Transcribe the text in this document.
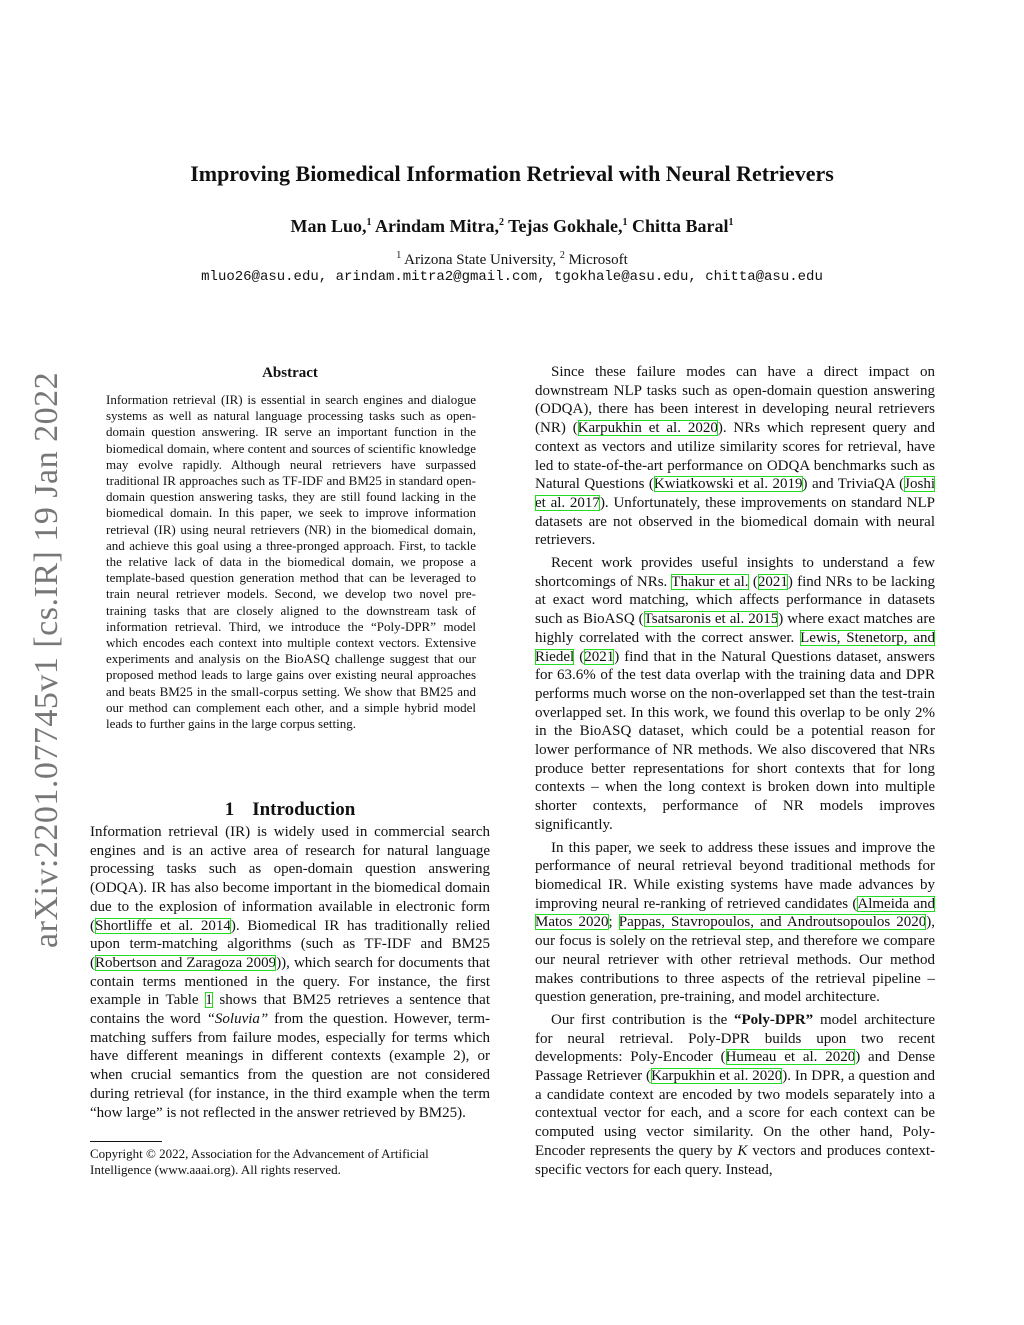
Improving Biomedical Information Retrieval with Neural Retrievers
Man Luo,$^1$ Arindam Mitra,$^2$ Tejas Gokhale,$^1$ Chitta Baral$^1$
$^1$ Arizona State University, $^2$ Microsoft
mluo26@asu.edu, arindam.mitra2@gmail.com, tgokhale@asu.edu, chitta@asu.edu
arXiv:2201.07745v1 [cs.IR] 19 Jan 2022	Abstract
Information retrieval (IR) is essential in search engines and dialogue systems as well as natural language processing tasks such as open-domain question answering. IR serve an important function in the biomedical domain, where content and sources of scientific knowledge may evolve rapidly. Although neural retrievers have surpassed traditional IR approaches such as TF-IDF and BM25 in standard open-domain question answering tasks, they are still found lacking in the biomedical domain. In this paper, we seek to improve information retrieval (IR) using neural retrievers (NR) in the biomedical domain, and achieve this goal using a three-pronged approach. First, to tackle the relative lack of data in the biomedical domain, we propose a template-based question generation method that can be leveraged to train neural retriever models. Second, we develop two novel pre-training tasks that are closely aligned to the downstream task of information retrieval. Third, we introduce the “Poly-DPR” model which encodes each context into multiple context vectors. Extensive experiments and analysis on the BioASQ challenge suggest that our proposed method leads to large gains over existing neural approaches and beats BM25 in the small-corpus setting. We show that BM25 and our method can complement each other, and a simple hybrid model leads to further gains in the large corpus setting.
1 Introduction
Information retrieval (IR) is widely used in commercial search engines and is an active area of research for natural language processing tasks such as open-domain question answering (ODQA). IR has also become important in the biomedical domain due to the explosion of information available in electronic form (Shortliffe et al. 2014). Biomedical IR has traditionally relied upon term-matching algorithms (such as TF-IDF and BM25 (Robertson and Zaragoza 2009)), which search for documents that contain terms mentioned in the query. For instance, the first example in Table 1 shows that BM25 retrieves a sentence that contains the word “Soluvia” from the question. However, term-matching suffers from failure modes, especially for terms which have different meanings in different contexts (example 2), or when crucial semantics from the question are not considered during retrieval (for instance, in the third example when the term “how large” is not reflected in the answer retrieved by BM25).
Copyright © 2022, Association for the Advancement of Artificial Intelligence (www.aaai.org). All rights reserved.

Since these failure modes can have a direct impact on downstream NLP tasks such as open-domain question answering (ODQA), there has been interest in developing neural retrievers (NR) (Karpukhin et al. 2020). NRs which represent query and context as vectors and utilize similarity scores for retrieval, have led to state-of-the-art performance on ODQA benchmarks such as Natural Questions (Kwiatkowski et al. 2019) and TriviaQA (Joshi et al. 2017). Unfortunately, these improvements on standard NLP datasets are not observed in the biomedical domain with neural retrievers.

Recent work provides useful insights to understand a few shortcomings of NRs. Thakur et al. (2021) find NRs to be lacking at exact word matching, which affects performance in datasets such as BioASQ (Tsatsaronis et al. 2015) where exact matches are highly correlated with the correct answer. Lewis, Stenetorp, and Riedel (2021) find that in the Natural Questions dataset, answers for 63.6% of the test data overlap with the training data and DPR performs much worse on the non-overlapped set than the test-train overlapped set. In this work, we found this overlap to be only 2% in the BioASQ dataset, which could be a potential reason for lower performance of NR methods. We also discovered that NRs produce better representations for short contexts that for long contexts – when the long context is broken down into multiple shorter contexts, performance of NR models improves significantly.

In this paper, we seek to address these issues and improve the performance of neural retrieval beyond traditional methods for biomedical IR. While existing systems have made advances by improving neural re-ranking of retrieved candidates (Almeida and Matos 2020; Pappas, Stavropoulos, and Androutsopoulos 2020), our focus is solely on the retrieval step, and therefore we compare our neural retriever with other retrieval methods. Our method makes contributions to three aspects of the retrieval pipeline – question generation, pre-training, and model architecture.

Our first contribution is the “Poly-DPR” model architecture for neural retrieval. Poly-DPR builds upon two recent developments: Poly-Encoder (Humeau et al. 2020) and Dense Passage Retriever (Karpukhin et al. 2020). In DPR, a question and a candidate context are encoded by two models separately into a contextual vector for each, and a score for each context can be computed using vector similarity. On the other hand, Poly-Encoder represents the query by K vectors and produces context-specific vectors for each query. Instead,
